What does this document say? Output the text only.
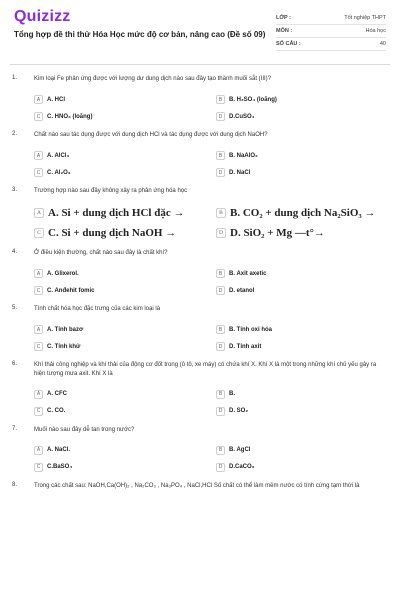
Quizizz
Tổng hợp đề thi thử Hóa Học mức độ cơ bản, nâng cao (Đề số 09)
LỚP :	Tốt nghiệp THPT
MÔN :	Hóa học
SỐ CÂU :	40
1.	Kim loại Fe phản ứng được với lượng dư dung dịch nào sau đây tạo thành muối sắt (III)?
A	A. HCl	B	B. H₂SO₄ (loãng)
C	C. HNO₃ (loãng)	D	D.CuSO₄
2.	Chất nào sau tác dụng được với dung dịch HCl và tác dụng được với dung dịch NaOH?
A	A. AlCl₃	B	B. NaAlO₂
C	C. Al₂O₃	D	D. NaCl
3.	Trường hợp nào sau đây không xảy ra phản ứng hóa học
A A. Si + dung dịch HCl đặc →	B B. CO₂ + dung dịch Na₂SiO₃ →
C C. Si + dung dịch NaOH →	D D. SiO₂ + Mg —t°→
4.	Ở điều kiện thường, chất nào sau đây là chất khí?
A	A. Glixerol.	B	B. Axit axetic
C	C. Anđehit fomic	D	D. etanol
5.	Tính chất hóa học đặc trưng của các kim loại là
A	A. Tính bazơ	B	B. Tính oxi hóa
C	C. Tính khử	D	D. Tính axit
6.	Khí thải công nghiệp và khí thải của động cơ đốt trong (ô tô, xe máy) có chứa khí X. Khí X là một trong những khí chủ yếu gây ra hiện tượng mưa axit. Khí X là
A	A. CFC	B	B.
C	C. CO.	D	D. SO₂
7.	Muối nào sau đây dễ tan trong nước?
A	A. NaCl.	B	B. AgCl
C	C.BaSO₄	D	D.CaCO₃
8.	Trong các chất sau: NaOH,Ca(OH)₂ , Na₂CO₃ , Na₃PO₄ , NaCl,HCl Số chất có thể làm mềm nước có tính cứng tạm thời là
